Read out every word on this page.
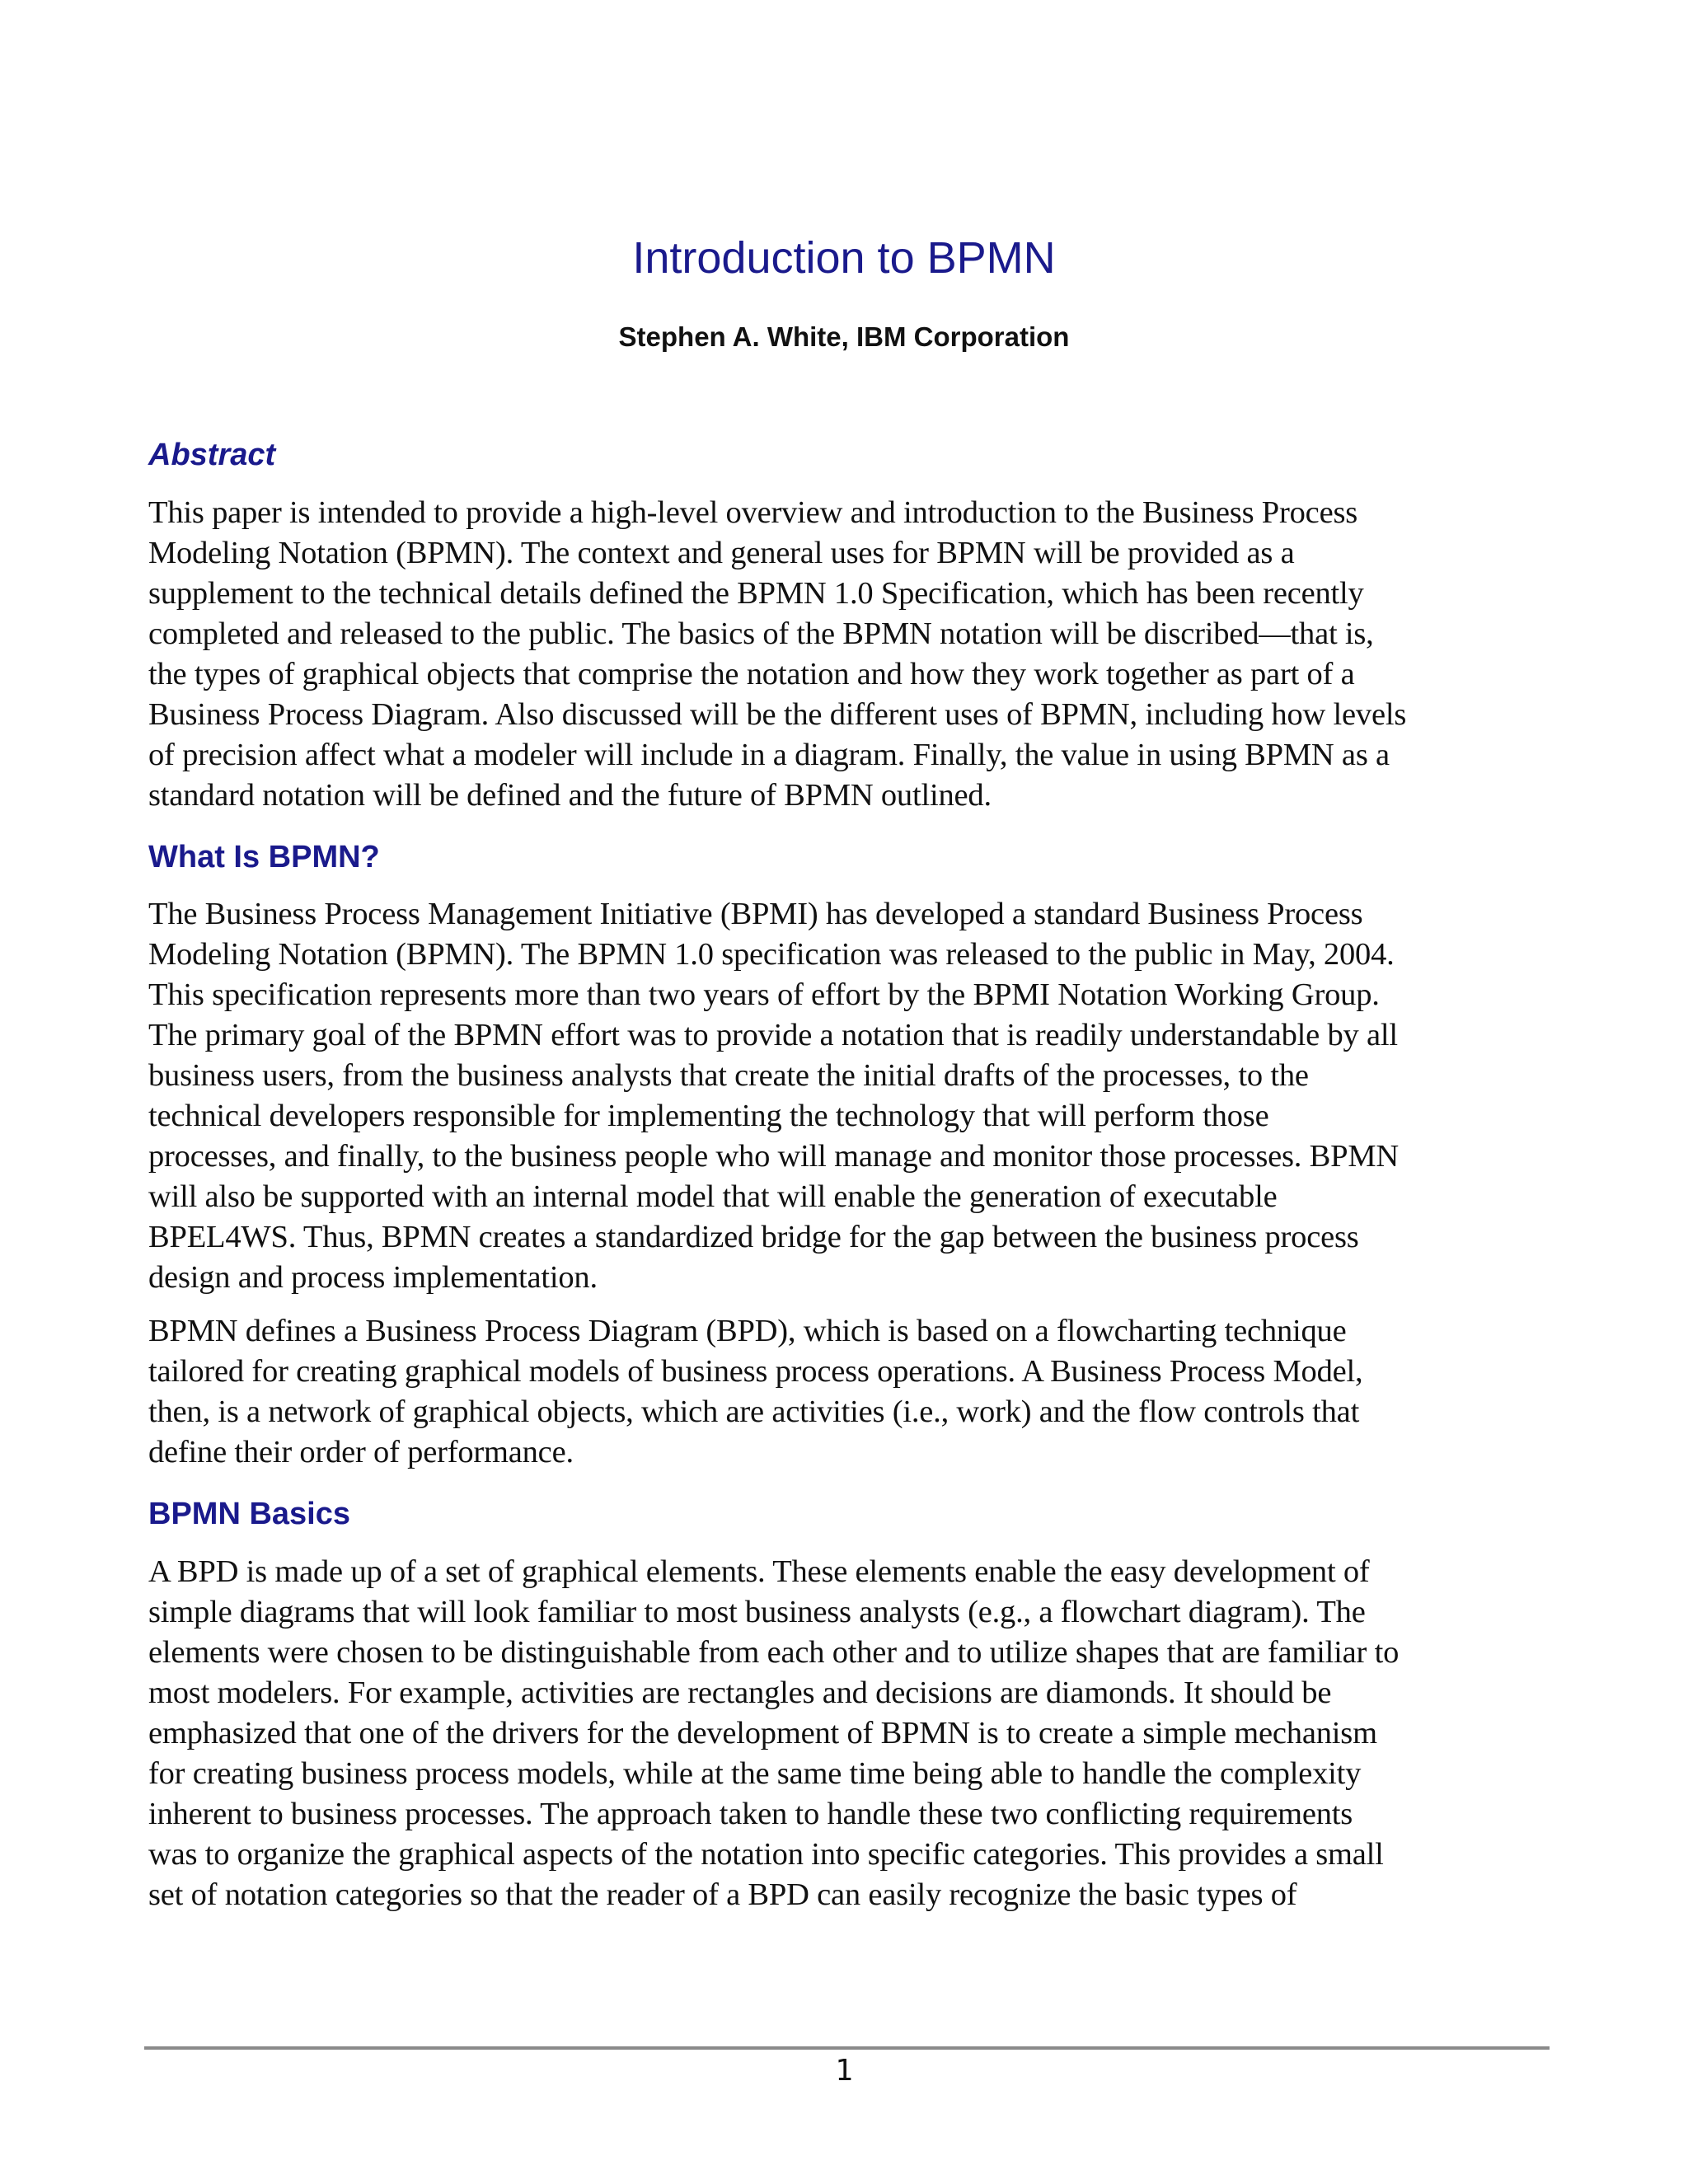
Introduction to BPMN
Stephen A. White, IBM Corporation
Abstract

This paper is intended to provide a high-level overview and introduction to the Business Process
Modeling Notation (BPMN). The context and general uses for BPMN will be provided as a
supplement to the technical details defined the BPMN 1.0 Specification, which has been recently
completed and released to the public. The basics of the BPMN notation will be discribed—that is,
the types of graphical objects that comprise the notation and how they work together as part of a
Business Process Diagram. Also discussed will be the different uses of BPMN, including how levels
of precision affect what a modeler will include in a diagram. Finally, the value in using BPMN as a
standard notation will be defined and the future of BPMN outlined.

What Is BPMN?

The Business Process Management Initiative (BPMI) has developed a standard Business Process
Modeling Notation (BPMN). The BPMN 1.0 specification was released to the public in May, 2004.
This specification represents more than two years of effort by the BPMI Notation Working Group.
The primary goal of the BPMN effort was to provide a notation that is readily understandable by all
business users, from the business analysts that create the initial drafts of the processes, to the
technical developers responsible for implementing the technology that will perform those
processes, and finally, to the business people who will manage and monitor those processes. BPMN
will also be supported with an internal model that will enable the generation of executable
BPEL4WS. Thus, BPMN creates a standardized bridge for the gap between the business process
design and process implementation.

BPMN defines a Business Process Diagram (BPD), which is based on a flowcharting technique
tailored for creating graphical models of business process operations. A Business Process Model,
then, is a network of graphical objects, which are activities (i.e., work) and the flow controls that
define their order of performance.

BPMN Basics

A BPD is made up of a set of graphical elements. These elements enable the easy development of
simple diagrams that will look familiar to most business analysts (e.g., a flowchart diagram). The
elements were chosen to be distinguishable from each other and to utilize shapes that are familiar to
most modelers. For example, activities are rectangles and decisions are diamonds. It should be
emphasized that one of the drivers for the development of BPMN is to create a simple mechanism
for creating business process models, while at the same time being able to handle the complexity
inherent to business processes. The approach taken to handle these two conflicting requirements
was to organize the graphical aspects of the notation into specific categories. This provides a small
set of notation categories so that the reader of a BPD can easily recognize the basic types of

1
